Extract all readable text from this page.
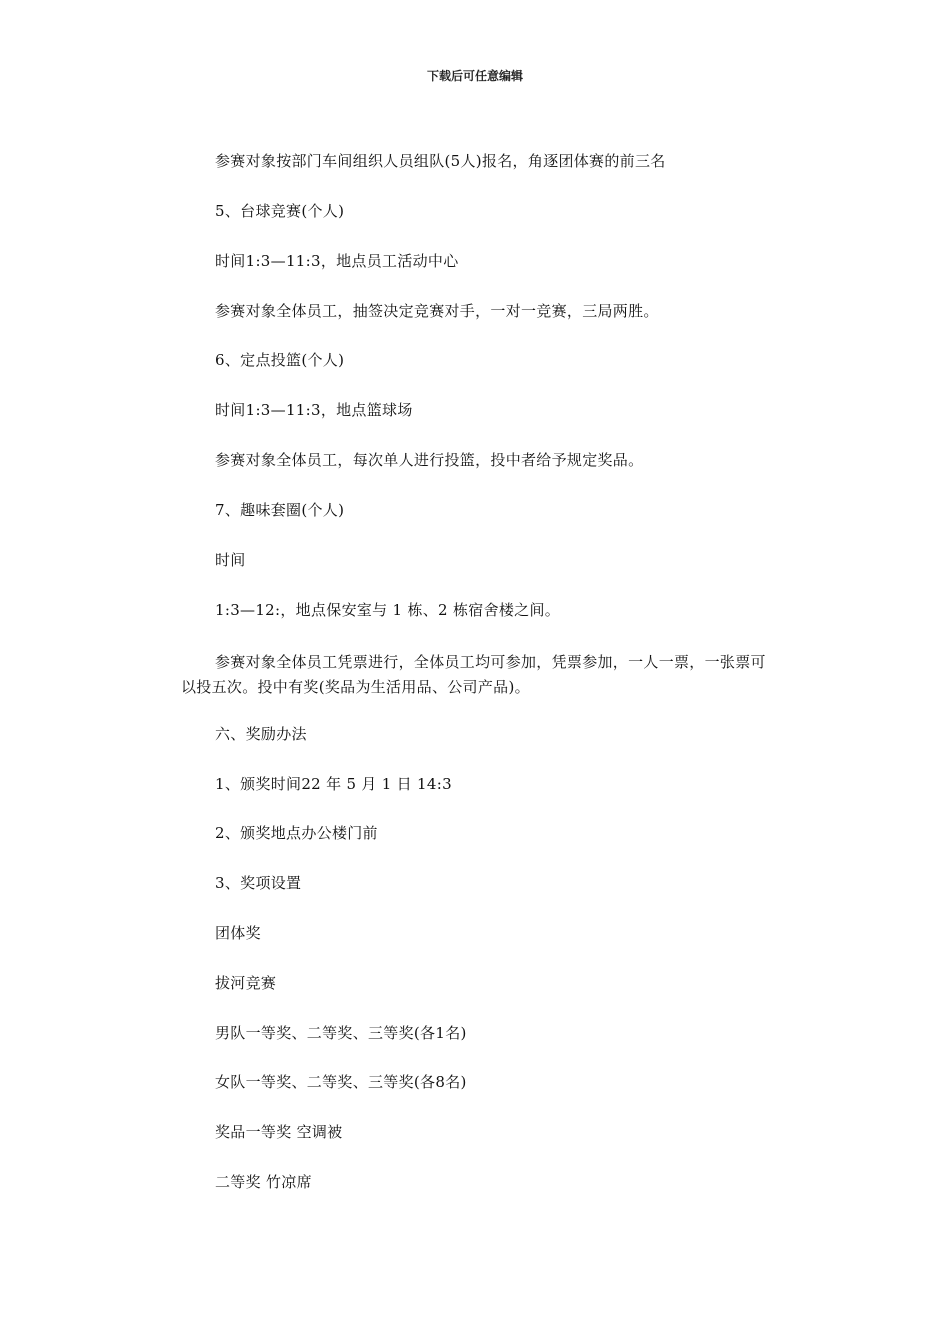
下载后可任意编辑
参赛对象按部门车间组织人员组队(5人)报名，角逐团体赛的前三名
5、台球竞赛(个人)
时间1:3—11:3，地点员工活动中心
参赛对象全体员工，抽签决定竞赛对手，一对一竞赛，三局两胜。
6、定点投篮(个人)
时间1:3—11:3，地点篮球场
参赛对象全体员工，每次单人进行投篮，投中者给予规定奖品。
7、趣味套圈(个人)
时间
1:3—12:，地点保安室与 1 栋、2 栋宿舍楼之间。
参赛对象全体员工凭票进行，全体员工均可参加，凭票参加，一人一票，一张票可以投五次。投中有奖(奖品为生活用品、公司产品)。
六、奖励办法
1、颁奖时间22 年 5 月 1 日 14:3
2、颁奖地点办公楼门前
3、奖项设置
团体奖
拔河竞赛
男队一等奖、二等奖、三等奖(各1名)
女队一等奖、二等奖、三等奖(各8名)
奖品一等奖 空调被
二等奖 竹凉席
